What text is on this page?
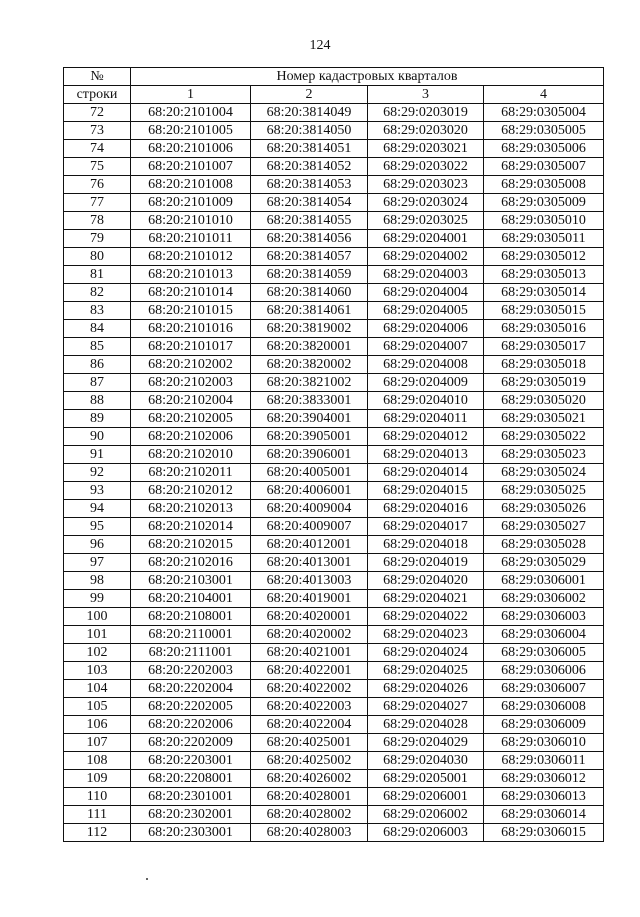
124
№	Номер кадастровых кварталов			
строки	1	2	3	4
72	68:20:2101004	68:20:3814049	68:29:0203019	68:29:0305004
73	68:20:2101005	68:20:3814050	68:29:0203020	68:29:0305005
74	68:20:2101006	68:20:3814051	68:29:0203021	68:29:0305006
75	68:20:2101007	68:20:3814052	68:29:0203022	68:29:0305007
76	68:20:2101008	68:20:3814053	68:29:0203023	68:29:0305008
77	68:20:2101009	68:20:3814054	68:29:0203024	68:29:0305009
78	68:20:2101010	68:20:3814055	68:29:0203025	68:29:0305010
79	68:20:2101011	68:20:3814056	68:29:0204001	68:29:0305011
80	68:20:2101012	68:20:3814057	68:29:0204002	68:29:0305012
81	68:20:2101013	68:20:3814059	68:29:0204003	68:29:0305013
82	68:20:2101014	68:20:3814060	68:29:0204004	68:29:0305014
83	68:20:2101015	68:20:3814061	68:29:0204005	68:29:0305015
84	68:20:2101016	68:20:3819002	68:29:0204006	68:29:0305016
85	68:20:2101017	68:20:3820001	68:29:0204007	68:29:0305017
86	68:20:2102002	68:20:3820002	68:29:0204008	68:29:0305018
87	68:20:2102003	68:20:3821002	68:29:0204009	68:29:0305019
88	68:20:2102004	68:20:3833001	68:29:0204010	68:29:0305020
89	68:20:2102005	68:20:3904001	68:29:0204011	68:29:0305021
90	68:20:2102006	68:20:3905001	68:29:0204012	68:29:0305022
91	68:20:2102010	68:20:3906001	68:29:0204013	68:29:0305023
92	68:20:2102011	68:20:4005001	68:29:0204014	68:29:0305024
93	68:20:2102012	68:20:4006001	68:29:0204015	68:29:0305025
94	68:20:2102013	68:20:4009004	68:29:0204016	68:29:0305026
95	68:20:2102014	68:20:4009007	68:29:0204017	68:29:0305027
96	68:20:2102015	68:20:4012001	68:29:0204018	68:29:0305028
97	68:20:2102016	68:20:4013001	68:29:0204019	68:29:0305029
98	68:20:2103001	68:20:4013003	68:29:0204020	68:29:0306001
99	68:20:2104001	68:20:4019001	68:29:0204021	68:29:0306002
100	68:20:2108001	68:20:4020001	68:29:0204022	68:29:0306003
101	68:20:2110001	68:20:4020002	68:29:0204023	68:29:0306004
102	68:20:2111001	68:20:4021001	68:29:0204024	68:29:0306005
103	68:20:2202003	68:20:4022001	68:29:0204025	68:29:0306006
104	68:20:2202004	68:20:4022002	68:29:0204026	68:29:0306007
105	68:20:2202005	68:20:4022003	68:29:0204027	68:29:0306008
106	68:20:2202006	68:20:4022004	68:29:0204028	68:29:0306009
107	68:20:2202009	68:20:4025001	68:29:0204029	68:29:0306010
108	68:20:2203001	68:20:4025002	68:29:0204030	68:29:0306011
109	68:20:2208001	68:20:4026002	68:29:0205001	68:29:0306012
110	68:20:2301001	68:20:4028001	68:29:0206001	68:29:0306013
111	68:20:2302001	68:20:4028002	68:29:0206002	68:29:0306014
112	68:20:2303001	68:20:4028003	68:29:0206003	68:29:0306015
